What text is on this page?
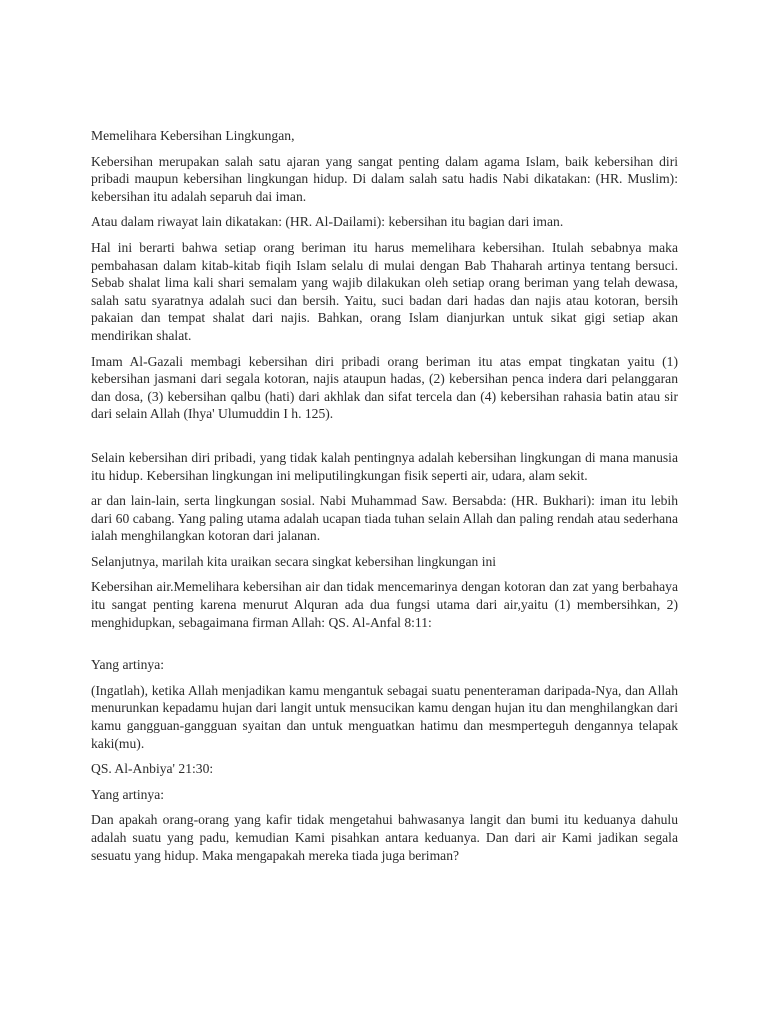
Memelihara Kebersihan Lingkungan,

Kebersihan merupakan salah satu ajaran yang sangat penting dalam agama Islam, baik kebersihan diri pribadi maupun kebersihan lingkungan hidup. Di dalam salah satu hadis Nabi dikatakan: (HR. Muslim): kebersihan itu adalah separuh dai iman.

Atau dalam riwayat lain dikatakan: (HR. Al-Dailami): kebersihan itu bagian dari iman.

Hal ini berarti bahwa setiap orang beriman itu harus memelihara kebersihan. Itulah sebabnya maka pembahasan dalam kitab-kitab fiqih Islam selalu di mulai dengan Bab Thaharah artinya tentang bersuci. Sebab shalat lima kali shari semalam yang wajib dilakukan oleh setiap orang beriman yang telah dewasa, salah satu syaratnya adalah suci dan bersih. Yaitu, suci badan dari hadas dan najis atau kotoran, bersih pakaian dan tempat shalat dari najis. Bahkan, orang Islam dianjurkan untuk sikat gigi setiap akan mendirikan shalat.

Imam Al-Gazali membagi kebersihan diri pribadi orang beriman itu atas empat tingkatan yaitu (1) kebersihan jasmani dari segala kotoran, najis ataupun hadas, (2) kebersihan penca indera dari pelanggaran dan dosa, (3) kebersihan qalbu (hati) dari akhlak dan sifat tercela dan (4) kebersihan rahasia batin atau sir dari selain Allah (Ihya' Ulumuddin I h. 125).

Selain kebersihan diri pribadi, yang tidak kalah pentingnya adalah kebersihan lingkungan di mana manusia itu hidup. Kebersihan lingkungan ini meliputilingkungan fisik seperti air, udara, alam sekit.

ar dan lain-lain, serta lingkungan sosial. Nabi Muhammad Saw. Bersabda: (HR. Bukhari): iman itu lebih dari 60 cabang. Yang paling utama adalah ucapan tiada tuhan selain Allah dan paling rendah atau sederhana ialah menghilangkan kotoran dari jalanan.

Selanjutnya, marilah kita uraikan secara singkat kebersihan lingkungan ini

Kebersihan air.Memelihara kebersihan air dan tidak mencemarinya dengan kotoran dan zat yang berbahaya itu sangat penting karena menurut Alquran ada dua fungsi utama dari air,yaitu (1) membersihkan, 2) menghidupkan, sebagaimana firman Allah: QS. Al-Anfal 8:11:

Yang artinya:

(Ingatlah), ketika Allah menjadikan kamu mengantuk sebagai suatu penenteraman daripada-Nya, dan Allah menurunkan kepadamu hujan dari langit untuk mensucikan kamu dengan hujan itu dan menghilangkan dari kamu gangguan-gangguan syaitan dan untuk menguatkan hatimu dan mesmperteguh dengannya telapak kaki(mu).

QS. Al-Anbiya' 21:30:

Yang artinya:

Dan apakah orang-orang yang kafir tidak mengetahui bahwasanya langit dan bumi itu keduanya dahulu adalah suatu yang padu, kemudian Kami pisahkan antara keduanya. Dan dari air Kami jadikan segala sesuatu yang hidup. Maka mengapakah mereka tiada juga beriman?
